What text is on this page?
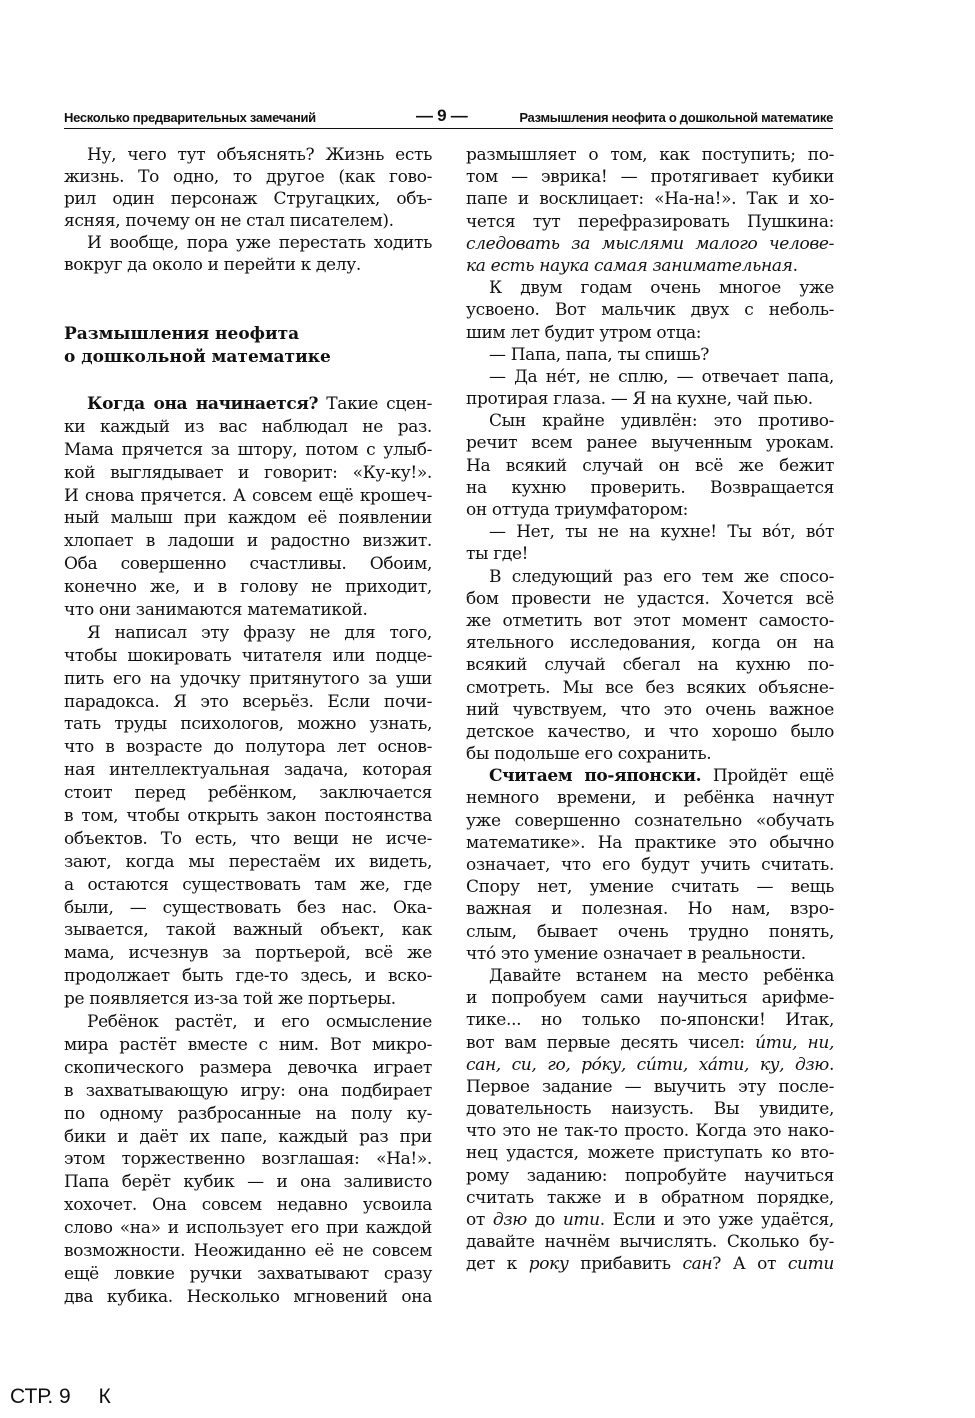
Несколько предварительных замечаний	— 9 —	Размышления неофита о дошкольной математике
Ну, чего тут объяснять? Жизнь есть
жизнь. То одно, то другое (как гово-
рил один персонаж Стругацких, объ-
ясняя, почему он не стал писателем).
И вообще, пора уже перестать ходить
вокруг да около и перейти к делу.
Размышления неофита
о дошкольной математике
Когда она начинается? Такие сцен-
ки каждый из вас наблюдал не раз.
Мама прячется за штору, потом с улыб-
кой выглядывает и говорит: «Ку-ку!».
И снова прячется. А совсем ещё крошеч-
ный малыш при каждом её появлении
хлопает в ладоши и радостно визжит.
Оба совершенно счастливы. Обоим,
конечно же, и в голову не приходит,
что они занимаются математикой.
Я написал эту фразу не для того,
чтобы шокировать читателя или подце-
пить его на удочку притянутого за уши
парадокса. Я это всерьёз. Если почи-
тать труды психологов, можно узнать,
что в возрасте до полутора лет основ-
ная интеллектуальная задача, которая
стоит перед ребёнком, заключается
в том, чтобы открыть закон постоянства
объектов. То есть, что вещи не исче-
зают, когда мы перестаём их видеть,
а остаются существовать там же, где
были, — существовать без нас. Ока-
зывается, такой важный объект, как
мама, исчезнув за портьерой, всё же
продолжает быть где-то здесь, и вско-
ре появляется из-за той же портьеры.
Ребёнок растёт, и его осмысление
мира растёт вместе с ним. Вот микро-
скопического размера девочка играет
в захватывающую игру: она подбирает
по одному разбросанные на полу ку-
бики и даёт их папе, каждый раз при
этом торжественно возглашая: «На!».
Папа берёт кубик — и она заливисто
хохочет. Она совсем недавно усвоила
слово «на» и использует его при каждой
возможности. Неожиданно её не совсем
ещё ловкие ручки захватывают сразу
два кубика. Несколько мгновений она
размышляет о том, как поступить; по-
том — эврика! — протягивает кубики
папе и восклицает: «На-на!». Так и хо-
чется тут перефразировать Пушкина:
следовать за мыслями малого челове-
ка есть наука самая занимательная.
К двум годам очень многое уже
усвоено. Вот мальчик двух с неболь-
шим лет будит утром отца:
— Папа, папа, ты спишь?
— Да не́т, не сплю, — отвечает папа,
протирая глаза. — Я на кухне, чай пью.
Сын крайне удивлён: это противо-
речит всем ранее выученным урокам.
На всякий случай он всё же бежит
на кухню проверить. Возвращается
он оттуда триумфатором:
— Нет, ты не на кухне! Ты во́т, во́т
ты где!
В следующий раз его тем же спосо-
бом провести не удастся. Хочется всё
же отметить вот этот момент самосто-
ятельного исследования, когда он на
всякий случай сбегал на кухню по-
смотреть. Мы все без всяких объясне-
ний чувствуем, что это очень важное
детское качество, и что хорошо было
бы подольше его сохранить.
Считаем по-японски. Пройдёт ещё
немного времени, и ребёнка начнут
уже совершенно сознательно «обучать
математике». На практике это обычно
означает, что его будут учить считать.
Спору нет, умение считать — вещь
важная и полезная. Но нам, взро-
слым, бывает очень трудно понять,
что́ это умение означает в реальности.
Давайте встанем на место ребёнка
и попробуем сами научиться арифме-
тике... но только по-японски! Итак,
вот вам первые десять чисел: и́ти, ни,
сан, си, го, ро́ку, си́ти, ха́ти, ку, дзю.
Первое задание — выучить эту после-
довательность наизусть. Вы увидите,
что это не так-то просто. Когда это нако-
нец удастся, можете приступать ко вто-
рому заданию: попробуйте научиться
считать также и в обратном порядке,
от дзю до ити. Если и это уже удаётся,
давайте начнём вычислять. Сколько бу-
дет к року прибавить сан? А от сити
СТР. 9 К
